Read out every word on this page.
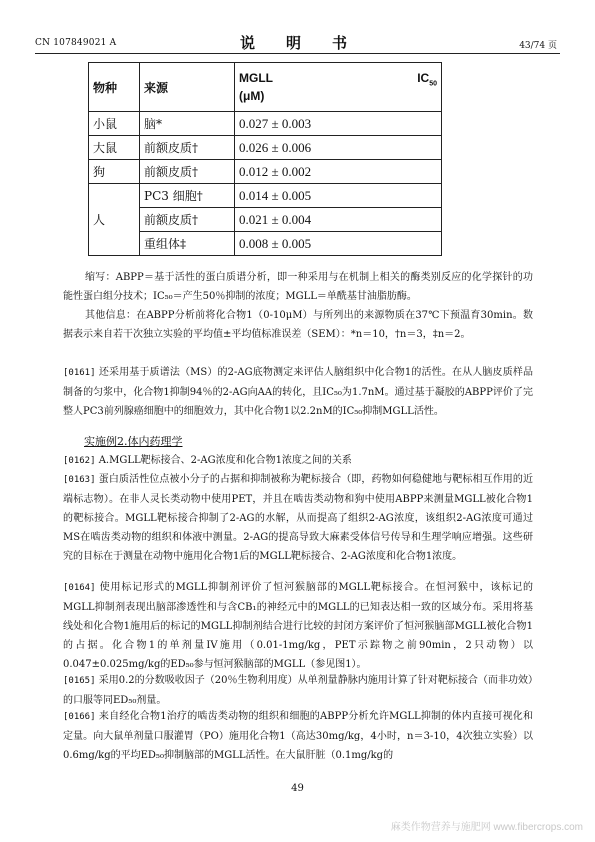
CN 107849021 A	说　明　书	43/74 页
物种	来源	MGLL $IC_{50}$
(μM)

小鼠	脑*	0.027 ± 0.003
大鼠	前额皮质†	0.026 ± 0.006
狗	前额皮质†	0.012 ± 0.002
人	PC3 细胞†	0.014 ± 0.005
	前额皮质†	0.021 ± 0.004
	重组体‡	0.008 ± 0.005
缩写：ABPP＝基于活性的蛋白质谱分析，即一种采用与在机制上相关的酶类别反应的化学探针的功能性蛋白组分技术；IC₅₀＝产生50％抑制的浓度；MGLL＝单酰基甘油脂肪酶。
其他信息：在ABPP分析前将化合物1（0-10μM）与所列出的来源物质在37℃下预温育30min。数据表示来自若干次独立实验的平均值±平均值标准误差（SEM）：*n＝10，†n＝3，‡n＝2。
[0161] 还采用基于质谱法（MS）的2-AG底物测定来评估人脑组织中化合物1的活性。在从人脑皮质样品制备的匀浆中，化合物1抑制94％的2-AG向AA的转化，且IC₅₀为1.7nM。通过基于凝胶的ABPP评价了完整人PC3前列腺癌细胞中的细胞效力，其中化合物1以2.2nM的IC₅₀抑制MGLL活性。
实施例2.体内药理学
[0162] A.MGLL靶标接合、2-AG浓度和化合物1浓度之间的关系
[0163] 蛋白质活性位点被小分子的占据和抑制被称为靶标接合（即，药物如何稳健地与靶标相互作用的近端标志物）。在非人灵长类动物中使用PET，并且在啮齿类动物和狗中使用ABPP来测量MGLL被化合物1的靶标接合。MGLL靶标接合抑制了2-AG的水解，从而提高了组织2-AG浓度，该组织2-AG浓度可通过MS在啮齿类动物的组织和体液中测量。2-AG的提高导致大麻素受体信号传导和生理学响应增强。这些研究的目标在于测量在动物中施用化合物1后的MGLL靶标接合、2-AG浓度和化合物1浓度。
[0164] 使用标记形式的MGLL抑制剂评价了恒河猴脑部的MGLL靶标接合。在恒河猴中，该标记的MGLL抑制剂表现出脑部渗透性和与含CB₁的神经元中的MGLL的已知表达相一致的区域分布。采用将基线处和化合物1施用后的标记的MGLL抑制剂结合进行比较的封闭方案评价了恒河猴脑部MGLL被化合物1的占据。化合物1的单剂量IV施用（0.01-1mg/kg，PET示踪物之前90min，2只动物）以0.047±0.025mg/kg的ED₅₀参与恒河猴脑部的MGLL（参见图1）。
[0165] 采用0.2的分数吸收因子（20％生物利用度）从单剂量静脉内施用计算了针对靶标接合（而非功效）的口服等同ED₅₀剂量。
[0166] 来自经化合物1治疗的啮齿类动物的组织和细胞的ABPP分析允许MGLL抑制的体内直接可视化和定量。向大鼠单剂量口服灌胃（PO）施用化合物1（高达30mg/kg，4小时，n＝3-10，4次独立实验）以0.6mg/kg的平均ED₅₀抑制脑部的MGLL活性。在大鼠肝脏（0.1mg/kg的
49
麻类作物营养与施肥网 www.fibercrops.com
